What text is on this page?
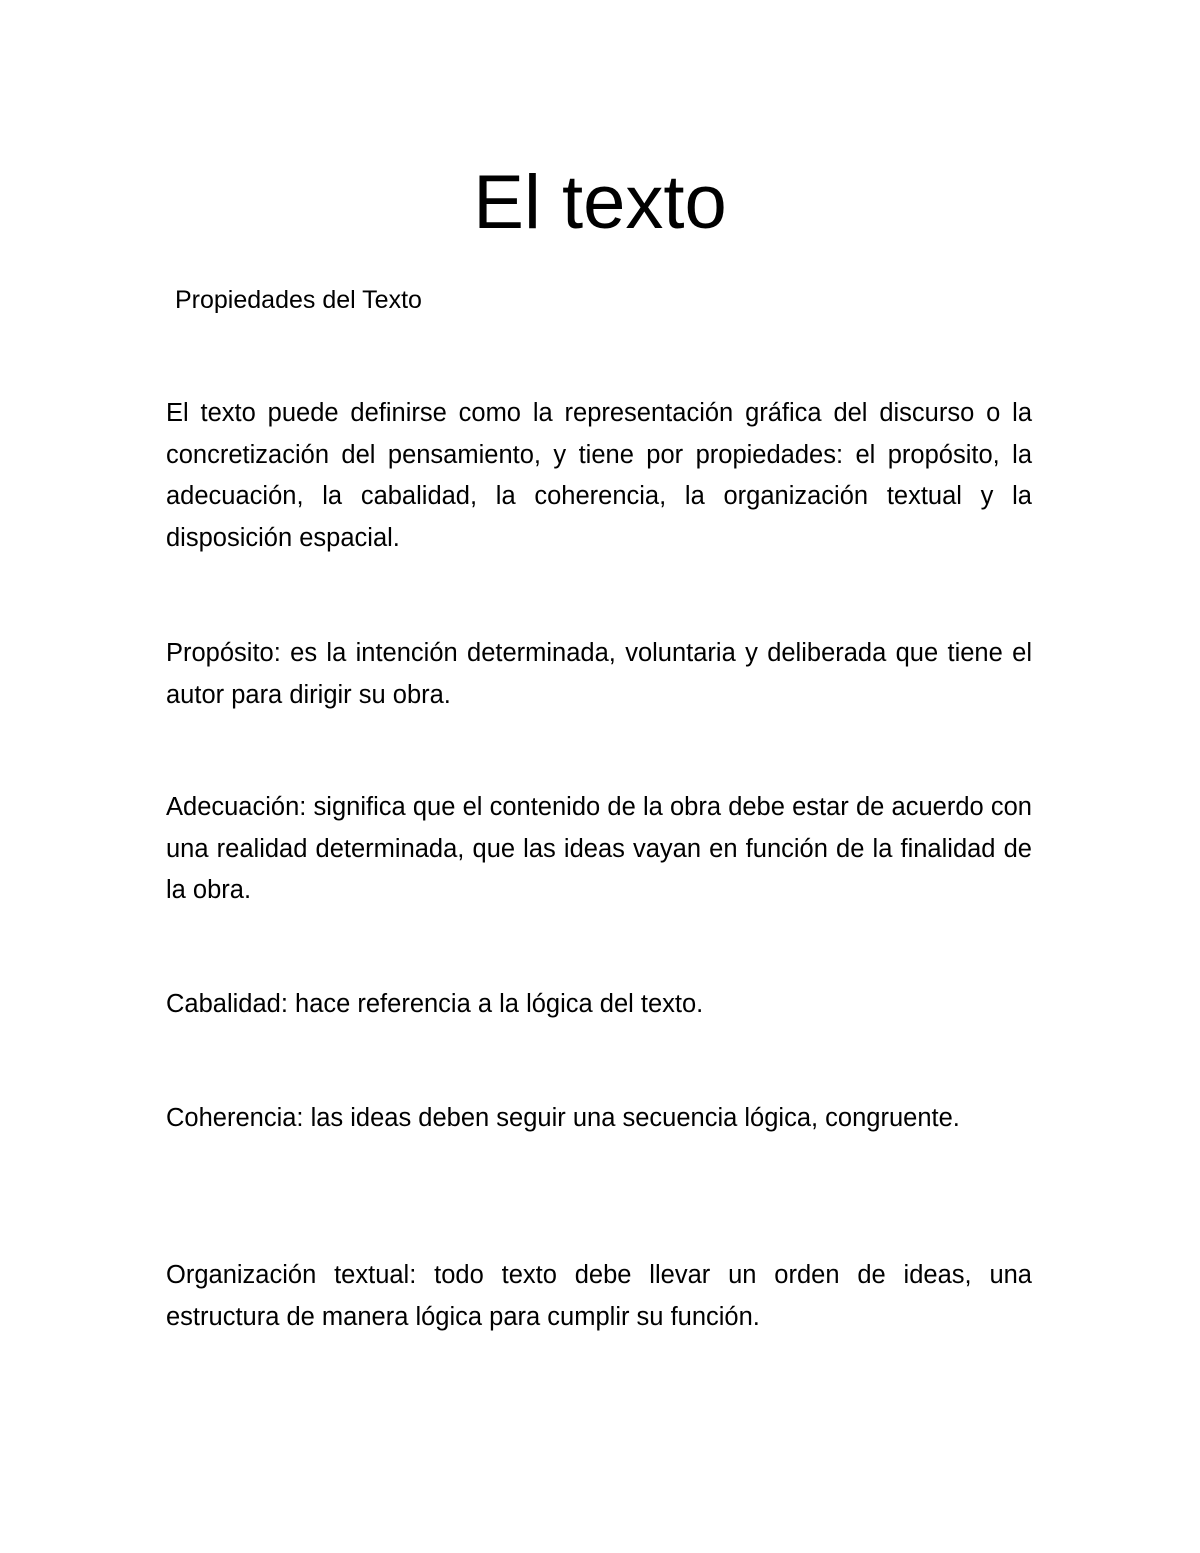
El texto

Propiedades del Texto

El texto puede definirse como la representación gráfica del discurso o la concretización del pensamiento, y tiene por propiedades: el propósito, la adecuación, la cabalidad, la coherencia, la organización textual y la disposición espacial.

Propósito: es la intención determinada, voluntaria y deliberada que tiene el autor para dirigir su obra.

Adecuación: significa que el contenido de la obra debe estar de acuerdo con una realidad determinada, que las ideas vayan en función de la finalidad de la obra.

Cabalidad: hace referencia a la lógica del texto.

Coherencia: las ideas deben seguir una secuencia lógica, congruente.

Organización textual: todo texto debe llevar un orden de ideas, una estructura de manera lógica para cumplir su función.
